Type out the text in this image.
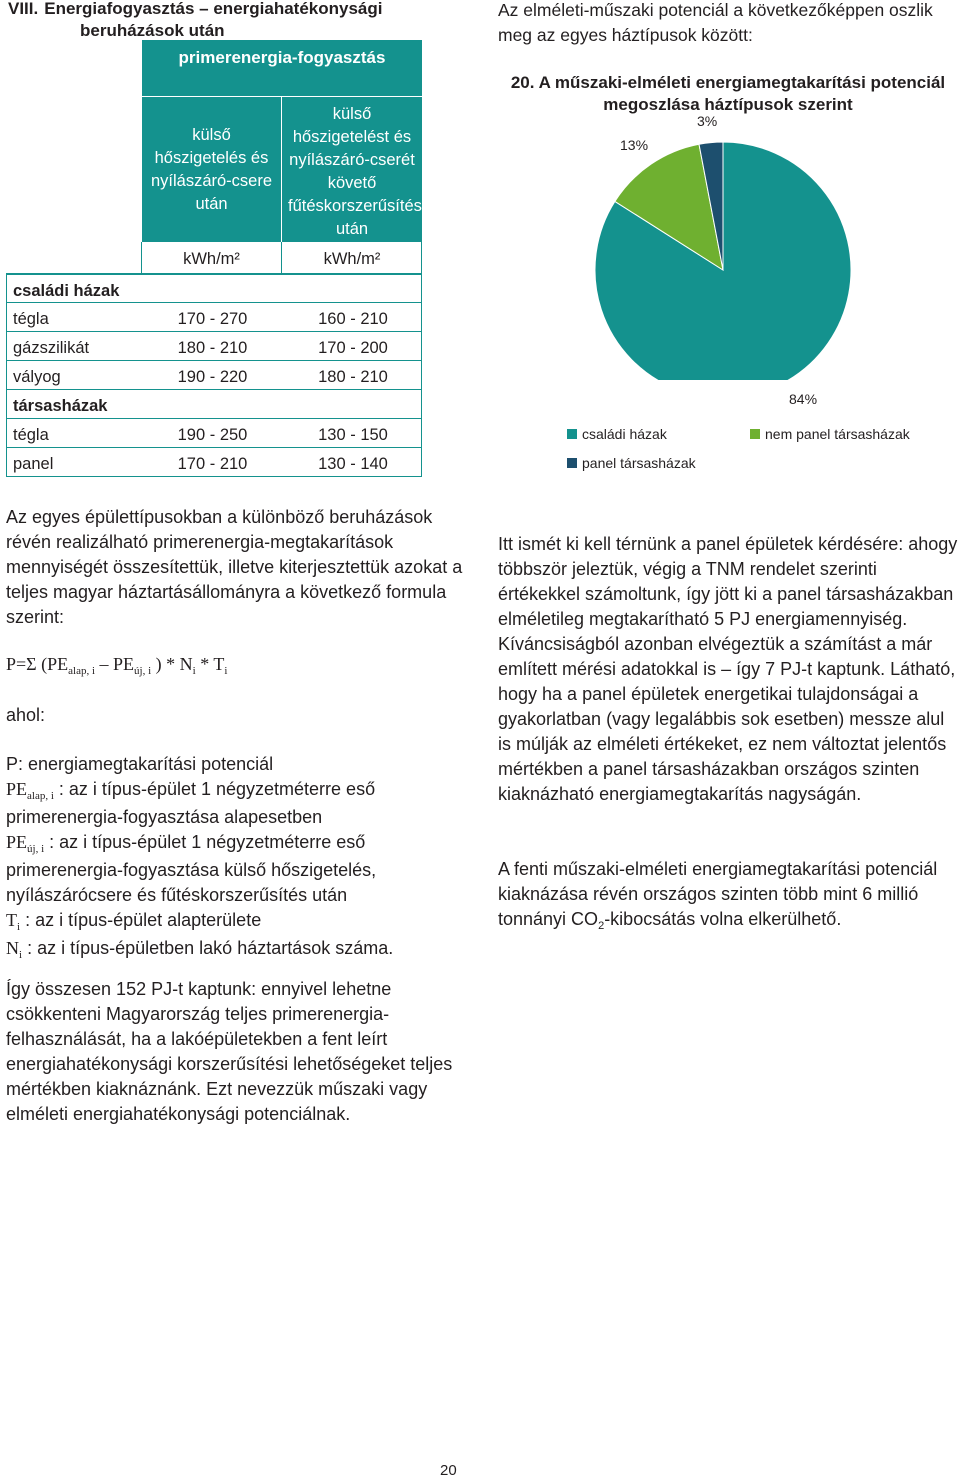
VIII. Energiafogyasztás – energiahatékonysági
beruházások után
primerenergia-fogyasztás
külső hőszigetelés és nyílászáró-csere után
külső hőszigetelést és nyílászáró-cserét követő fűtéskorszerűsítés után
kWh/m²	kWh/m²
családi házak
tégla	170 - 270	160 - 210
gázszilikát	180 - 210	170 - 200
vályog	190 - 220	180 - 210
társasházak
tégla	190 - 250	130 - 150
panel	170 - 210	130 - 140
Az elméleti-műszaki potenciál a következőképpen oszlik meg az egyes háztípusok között:
20. A műszaki-elméleti energiamegtakarítási potenciál megoszlása háztípusok szerint
13%
3%
84%
családi házak	nem panel társasházak
panel társasházak
Az egyes épülettípusokban a különböző beruházások révén realizálható primerenergia-megtakarítások mennyiségét összesítettük, illetve kiterjesztettük azokat a teljes magyar háztartásállományra a következő formula szerint:
P=Σ ($PE_{alap, i} - PE_{új, i}$ ) * $N_i * T_i$
ahol:
P: energiamegtakarítási potenciál
$PE_{alap, i}$ : az i típus-épület 1 négyzetméterre eső primerenergia-fogyasztása alapesetben
$PE_{új, i}$ : az i típus-épület 1 négyzetméterre eső primerenergia-fogyasztása külső hőszigetelés, nyílászárócsere és fűtéskorszerűsítés után
$T_i$ : az i típus-épület alapterülete
$N_i$ : az i típus-épületben lakó háztartások száma.
Így összesen 152 PJ-t kaptunk: ennyivel lehetne csökkenteni Magyarország teljes primerenergia-felhasználását, ha a lakóépületekben a fent leírt energiahatékonysági korszerűsítési lehetőségeket teljes mértékben kiaknáznánk. Ezt nevezzük műszaki vagy elméleti energiahatékonysági potenciálnak.
Itt ismét ki kell térnünk a panel épületek kérdésére: ahogy többször jeleztük, végig a TNM rendelet szerinti értékekkel számoltunk, így jött ki a panel társasházakban elméletileg megtakarítható 5 PJ energiamennyiség. Kíváncsiságból azonban elvégeztük a számítást a már említett mérési adatokkal is – így 7 PJ-t kaptunk. Látható, hogy ha a panel épületek energetikai tulajdonságai a gyakorlatban (vagy legalábbis sok esetben) messze alul is múlják az elméleti értékeket, ez nem változtat jelentős mértékben a panel társasházakban országos szinten kiaknázható energiamegtakarítás nagyságán.
A fenti műszaki-elméleti energiamegtakarítási potenciál kiaknázása révén országos szinten több mint 6 millió tonnányi $CO_2$-kibocsátás volna elkerülhető.
20
